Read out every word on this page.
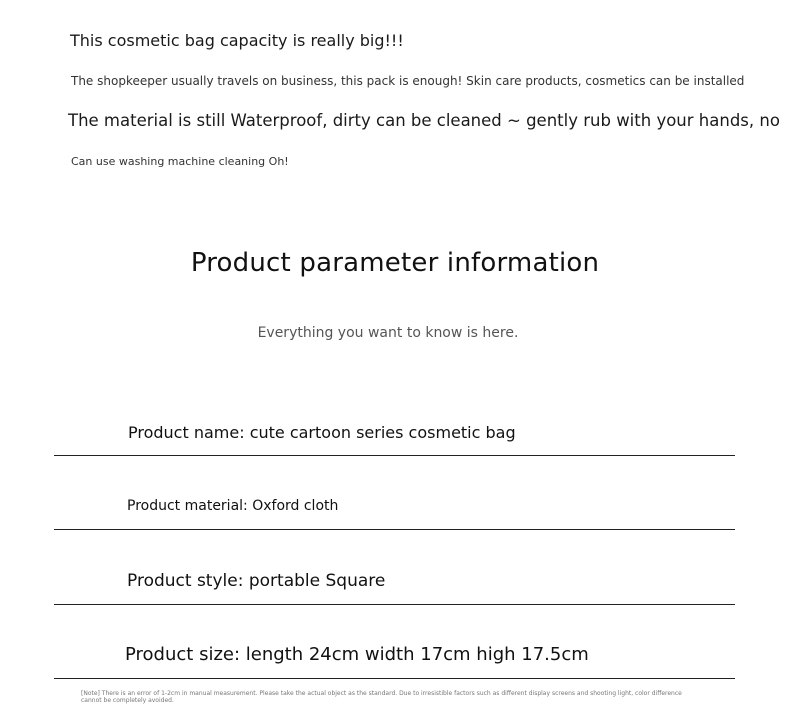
This cosmetic bag capacity is really big!!!
The shopkeeper usually travels on business, this pack is enough! Skin care products, cosmetics can be installed
The material is still Waterproof, dirty can be cleaned ~ gently rub with your hands, no
Can use washing machine cleaning Oh!
Product parameter information
Everything you want to know is here.
Product name: cute cartoon series cosmetic bag
Product material: Oxford cloth
Product style: portable Square
Product size: length 24cm width 17cm high 17.5cm
[Note] There is an error of 1-2cm in manual measurement. Please take the actual object as the standard. Due to irresistible factors such as different display screens and shooting light, color difference cannot be completely avoided.
